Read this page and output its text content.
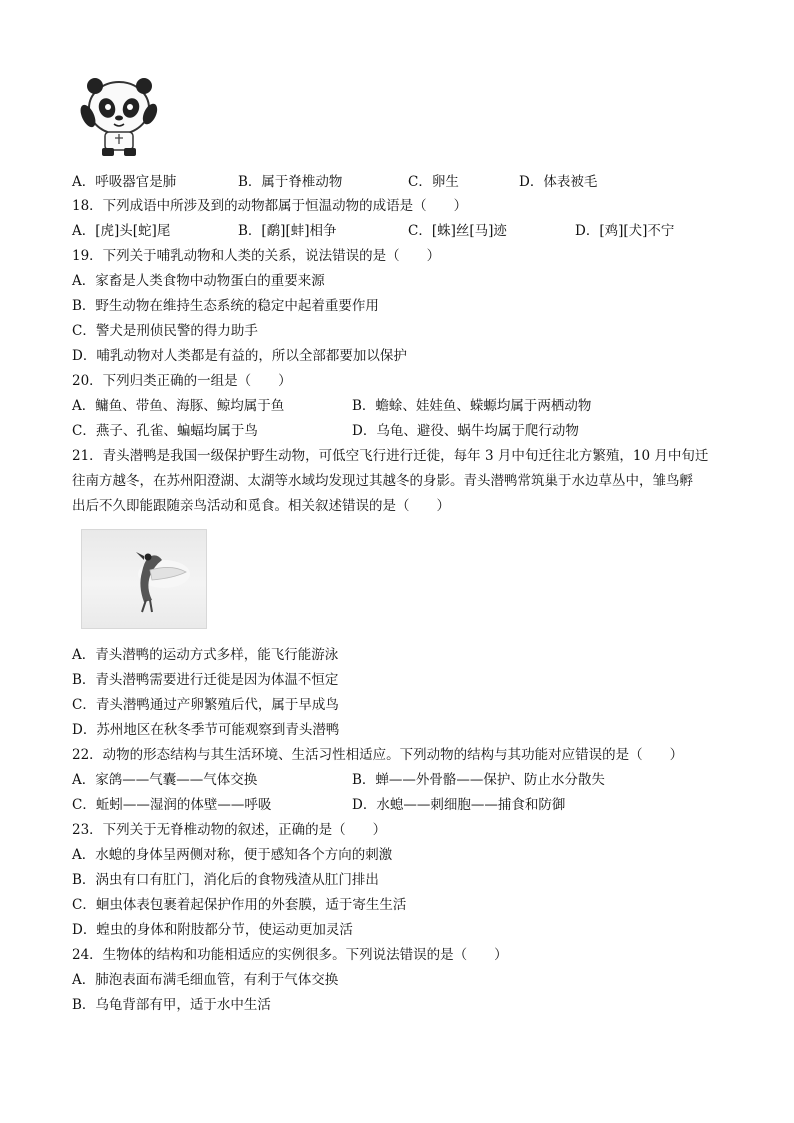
A．呼吸器官是肺	B．属于脊椎动物	C．卵生	D．体表被毛
18．下列成语中所涉及到的动物都属于恒温动物的成语是（　　）
A．[虎]头[蛇]尾	B．[鹬][蚌]相争	C．[蛛]丝[马]迹	D．[鸡][犬]不宁
19．下列关于哺乳动物和人类的关系，说法错误的是（　　）
A．家畜是人类食物中动物蛋白的重要来源
B．野生动物在维持生态系统的稳定中起着重要作用
C．警犬是刑侦民警的得力助手
D．哺乳动物对人类都是有益的，所以全部都要加以保护
20．下列归类正确的一组是（　　）
A．鳙鱼、带鱼、海豚、鲸均属于鱼	B．蟾蜍、娃娃鱼、蝾螈均属于两栖动物
C．燕子、孔雀、蝙蝠均属于鸟	D．乌龟、避役、蜗牛均属于爬行动物
21．青头潜鸭是我国一级保护野生动物，可低空飞行进行迁徙，每年 3 月中旬迁往北方繁殖，10 月中旬迁
往南方越冬，在苏州阳澄湖、太湖等水域均发现过其越冬的身影。青头潜鸭常筑巢于水边草丛中，雏鸟孵
出后不久即能跟随亲鸟活动和觅食。相关叙述错误的是（　　）
A．青头潜鸭的运动方式多样，能飞行能游泳
B．青头潜鸭需要进行迁徙是因为体温不恒定
C．青头潜鸭通过产卵繁殖后代，属于早成鸟
D．苏州地区在秋冬季节可能观察到青头潜鸭
22．动物的形态结构与其生活环境、生活习性相适应。下列动物的结构与其功能对应错误的是（　　）
A．家鸽——气囊——气体交换	B．蝉——外骨骼——保护、防止水分散失
C．蚯蚓——湿润的体壁——呼吸	D．水螅——刺细胞——捕食和防御
23．下列关于无脊椎动物的叙述，正确的是（　　）
A．水螅的身体呈两侧对称，便于感知各个方向的刺激
B．涡虫有口有肛门，消化后的食物残渣从肛门排出
C．蛔虫体表包裹着起保护作用的外套膜，适于寄生生活
D．蝗虫的身体和附肢都分节，使运动更加灵活
24．生物体的结构和功能相适应的实例很多。下列说法错误的是（　　）
A．肺泡表面布满毛细血管，有利于气体交换
B．乌龟背部有甲，适于水中生活
